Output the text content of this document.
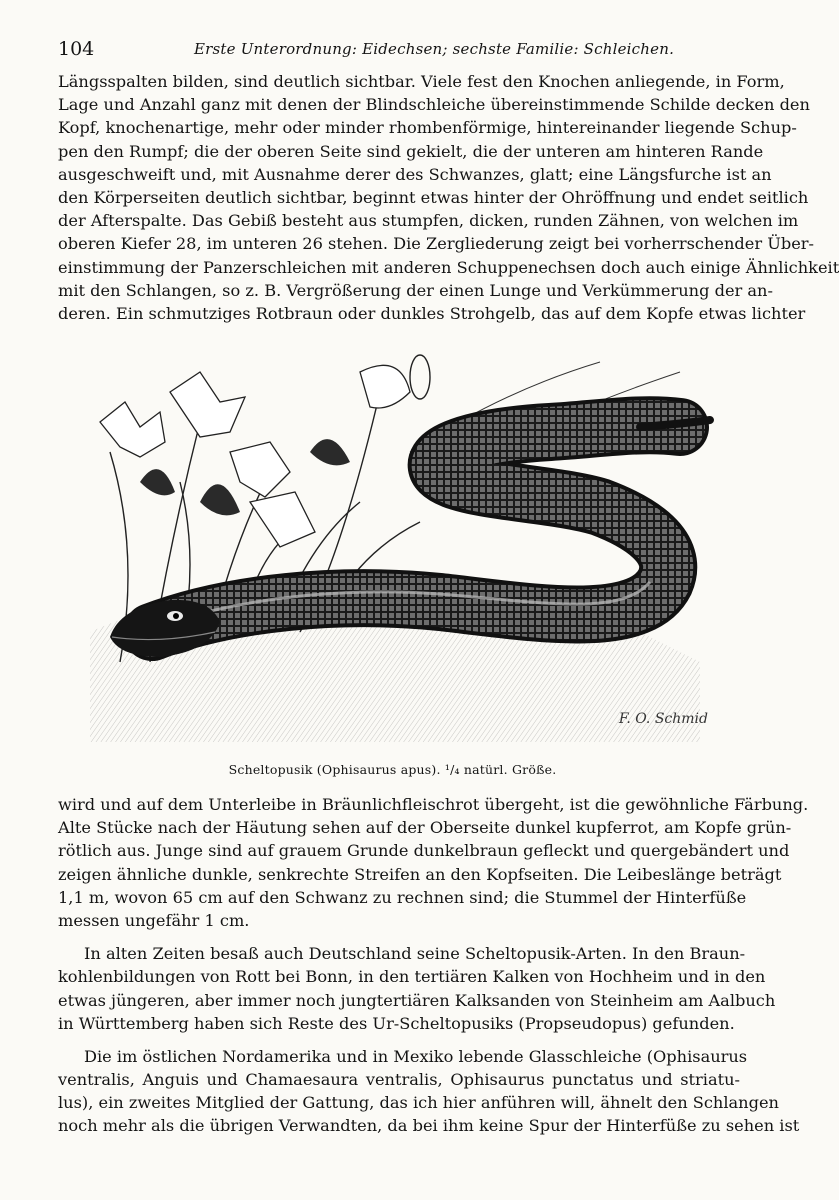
104	Erste Unterordnung: Eidechsen; sechste Familie: Schleichen.
Längsspalten bilden, sind deutlich sichtbar. Viele fest den Knochen anliegende, in Form,
Lage und Anzahl ganz mit denen der Blindschleiche übereinstimmende Schilde decken den
Kopf, knochenartige, mehr oder minder rhombenförmige, hintereinander liegende Schup-
pen den Rumpf; die der oberen Seite sind gekielt, die der unteren am hinteren Rande
ausgeschweift und, mit Ausnahme derer des Schwanzes, glatt; eine Längsfurche ist an
den Körperseiten deutlich sichtbar, beginnt etwas hinter der Ohröffnung und endet seitlich
der Afterspalte. Das Gebiß besteht aus stumpfen, dicken, runden Zähnen, von welchen im
oberen Kiefer 28, im unteren 26 stehen. Die Zergliederung zeigt bei vorherrschender Über-
einstimmung der Panzerschleichen mit anderen Schuppenechsen doch auch einige Ähnlichkeit
mit den Schlangen, so z. B. Vergrößerung der einen Lunge und Verkümmerung der an-
deren. Ein schmutziges Rotbraun oder dunkles Strohgelb, das auf dem Kopfe etwas lichter
F. O. Schmid
Scheltopusik (Ophisaurus apus). ¹/₄ natürl. Größe.
wird und auf dem Unterleibe in Bräunlichfleischrot übergeht, ist die gewöhnliche Färbung.
Alte Stücke nach der Häutung sehen auf der Oberseite dunkel kupferrot, am Kopfe grün-
rötlich aus. Junge sind auf grauem Grunde dunkelbraun gefleckt und quergebändert und
zeigen ähnliche dunkle, senkrechte Streifen an den Kopfseiten. Die Leibeslänge beträgt
1,1 m, wovon 65 cm auf den Schwanz zu rechnen sind; die Stummel der Hinterfüße
messen ungefähr 1 cm.
In alten Zeiten besaß auch Deutschland seine Scheltopusik-Arten. In den Braun-
kohlenbildungen von Rott bei Bonn, in den tertiären Kalken von Hochheim und in den
etwas jüngeren, aber immer noch jungtertiären Kalksanden von Steinheim am Aalbuch
in Württemberg haben sich Reste des Ur-Scheltopusiks (Propseudopus) gefunden.
Die im östlichen Nordamerika und in Mexiko lebende Glasschleiche (Ophisaurus
ventralis, Anguis und Chamaesaura ventralis, Ophisaurus punctatus und striatu-
lus), ein zweites Mitglied der Gattung, das ich hier anführen will, ähnelt den Schlangen
noch mehr als die übrigen Verwandten, da bei ihm keine Spur der Hinterfüße zu sehen ist
